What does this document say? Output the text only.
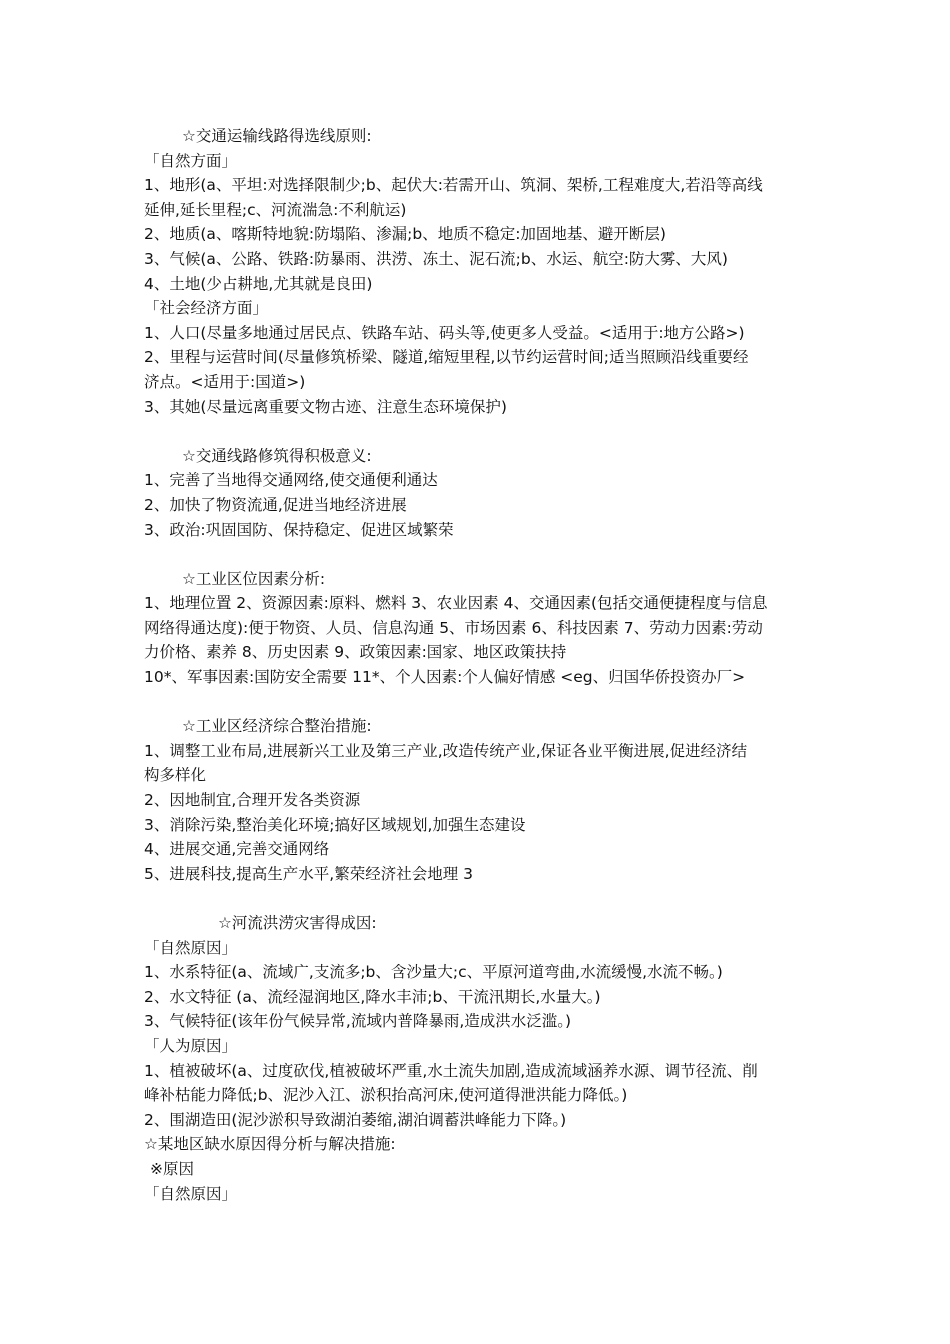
☆交通运输线路得选线原则:

「自然方面」

1、地形(a、平坦:对选择限制少;b、起伏大:若需开山、筑洞、架桥,工程难度大,若沿等高线

延伸,延长里程;c、河流湍急:不利航运)

2、地质(a、喀斯特地貌:防塌陷、渗漏;b、地质不稳定:加固地基、避开断层)

3、气候(a、公路、铁路:防暴雨、洪涝、冻土、泥石流;b、水运、航空:防大雾、大风)

4、土地(少占耕地,尤其就是良田)

「社会经济方面」

1、人口(尽量多地通过居民点、铁路车站、码头等,使更多人受益。<适用于:地方公路>)

2、里程与运营时间(尽量修筑桥梁、隧道,缩短里程,以节约运营时间;适当照顾沿线重要经

济点。<适用于:国道>)

3、其她(尽量远离重要文物古迹、注意生态环境保护)

☆交通线路修筑得积极意义:

1、完善了当地得交通网络,使交通便利通达

2、加快了物资流通,促进当地经济进展

3、政治:巩固国防、保持稳定、促进区域繁荣

☆工业区位因素分析:

1、地理位置 2、资源因素:原料、燃料 3、农业因素 4、交通因素(包括交通便捷程度与信息

网络得通达度):便于物资、人员、信息沟通 5、市场因素 6、科技因素 7、劳动力因素:劳动

力价格、素养 8、历史因素 9、政策因素:国家、地区政策扶持

10*、军事因素:国防安全需要 11*、个人因素:个人偏好情感 <eg、归国华侨投资办厂>

☆工业区经济综合整治措施:

1、调整工业布局,进展新兴工业及第三产业,改造传统产业,保证各业平衡进展,促进经济结

构多样化

2、因地制宜,合理开发各类资源

3、消除污染,整治美化环境;搞好区域规划,加强生态建设

4、进展交通,完善交通网络

5、进展科技,提高生产水平,繁荣经济社会地理 3

☆河流洪涝灾害得成因:

「自然原因」

1、水系特征(a、流域广,支流多;b、含沙量大;c、平原河道弯曲,水流缓慢,水流不畅。)

2、水文特征 (a、流经湿润地区,降水丰沛;b、干流汛期长,水量大。)

3、气候特征(该年份气候异常,流域内普降暴雨,造成洪水泛滥。)

「人为原因」

1、植被破坏(a、过度砍伐,植被破坏严重,水土流失加剧,造成流域涵养水源、调节径流、削

峰补枯能力降低;b、泥沙入江、淤积抬高河床,使河道得泄洪能力降低。)

2、围湖造田(泥沙淤积导致湖泊萎缩,湖泊调蓄洪峰能力下降。)

☆某地区缺水原因得分析与解决措施:

※原因

「自然原因」
